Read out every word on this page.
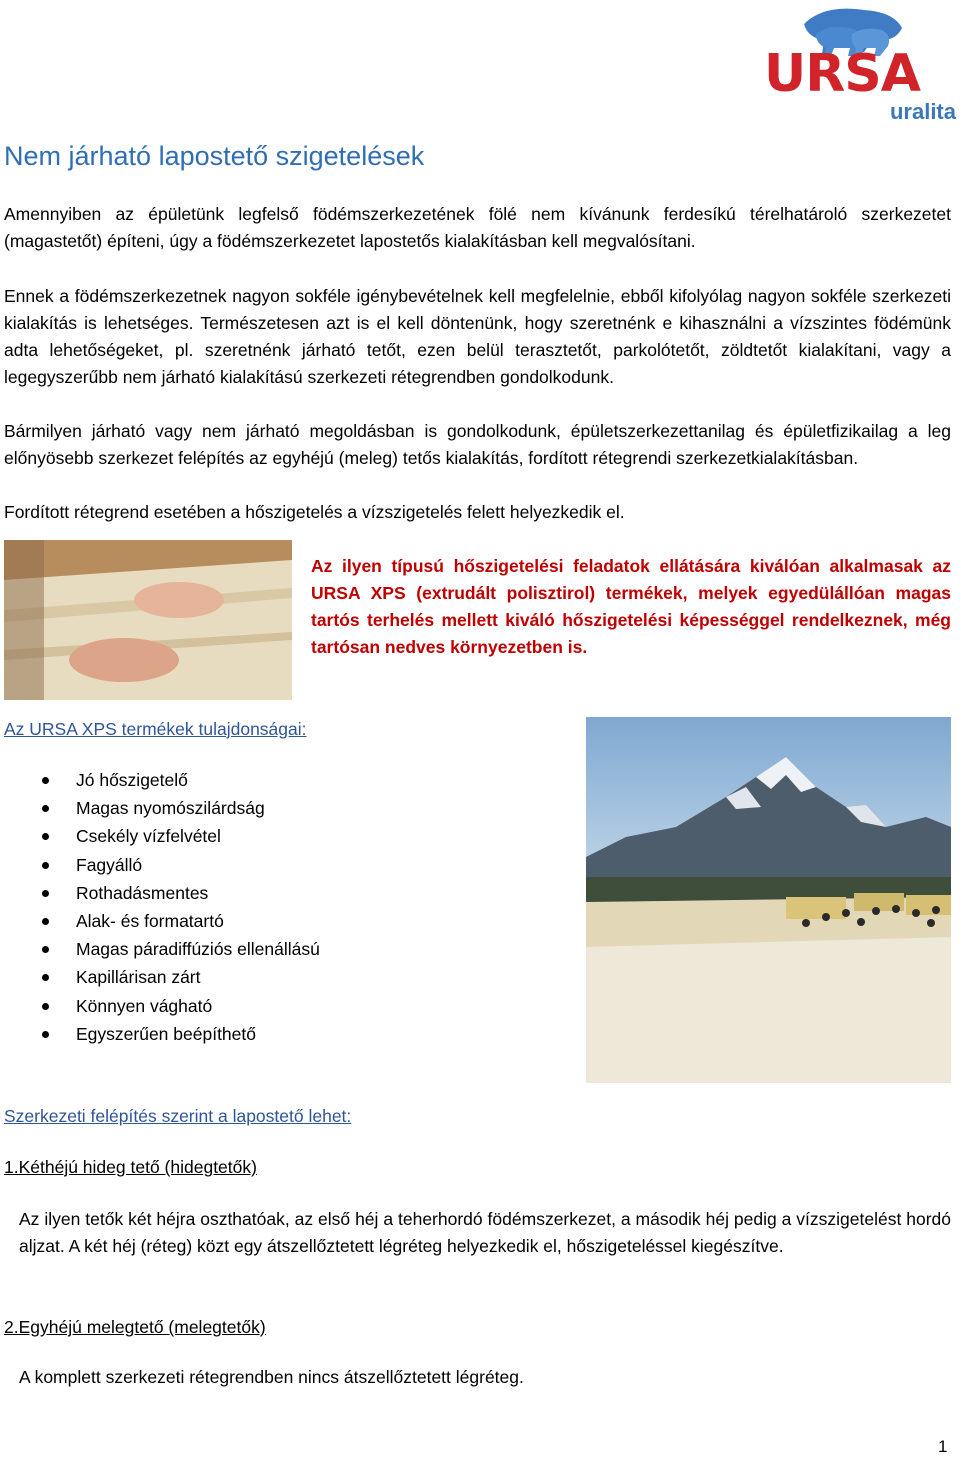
URSA
uralita
Nem járható lapostető szigetelések
Amennyiben az épületünk legfelső födémszerkezetének fölé nem kívánunk ferdesíkú térelhatároló szerkezetet (magastetőt) építeni, úgy a födémszerkezetet lapostetős kialakításban kell megvalósítani.
Ennek a födémszerkezetnek nagyon sokféle igénybevételnek kell megfelelnie, ebből kifolyólag nagyon sokféle szerkezeti kialakítás is lehetséges. Természetesen azt is el kell döntenünk, hogy szeretnénk e kihasználni a vízszintes födémünk adta lehetőségeket, pl. szeretnénk járható tetőt, ezen belül terasztetőt, parkolótetőt, zöldtetőt kialakítani, vagy a legegyszerűbb nem járható kialakítású szerkezeti rétegrendben gondolkodunk.
Bármilyen járható vagy nem járható megoldásban is gondolkodunk, épületszerkezettanilag és épületfizikailag a leg előnyösebb szerkezet felépítés az egyhéjú (meleg) tetős kialakítás, fordított rétegrendi szerkezetkialakításban.
Fordított rétegrend esetében a hőszigetelés a vízszigetelés felett helyezkedik el.
Az ilyen típusú hőszigetelési feladatok ellátására kiválóan alkalmasak az URSA XPS (extrudált polisztirol) termékek, melyek egyedülállóan magas tartós terhelés mellett kiváló hőszigetelési képességgel rendelkeznek, még tartósan nedves környezetben is.
Az URSA XPS termékek tulajdonságai:
Jó hőszigetelő
Magas nyomószilárdság
Csekély vízfelvétel
Fagyálló
Rothadásmentes
Alak- és formatartó
Magas páradiffúziós ellenállású
Kapillárisan zárt
Könnyen vágható
Egyszerűen beépíthető
Szerkezeti felépítés szerint a lapostető lehet:
1.Kéthéjú hideg tető (hidegtetők)
Az ilyen tetők két héjra oszthatóak, az első héj a teherhordó födémszerkezet, a második héj pedig a vízszigetelést hordó aljzat. A két héj (réteg) közt egy átszellőztetett légréteg helyezkedik el, hőszigeteléssel kiegészítve.
2.Egyhéjú melegtető (melegtetők)
A komplett szerkezeti rétegrendben nincs átszellőztetett légréteg.
1
